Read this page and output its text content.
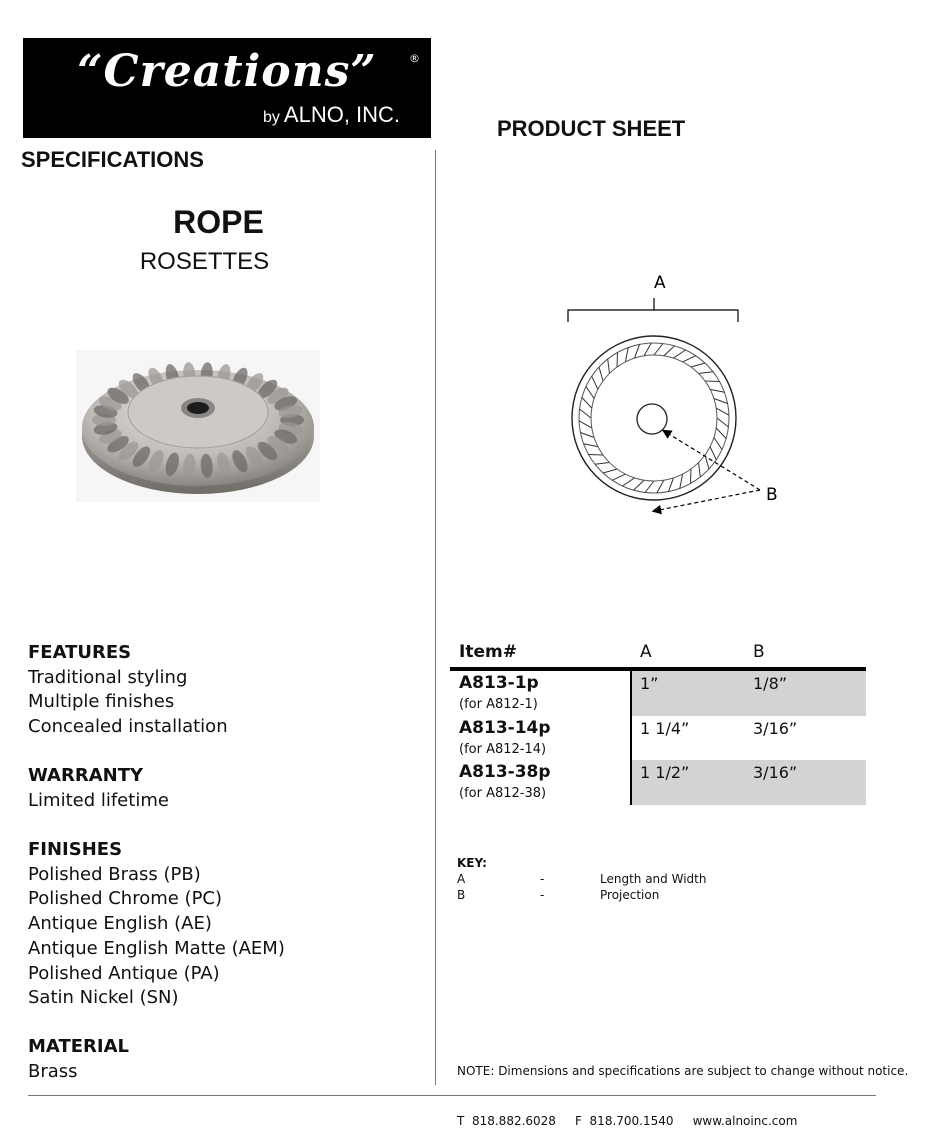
“Creations”	®
by ALNO, INC.
PRODUCT SHEET
SPECIFICATIONS
ROPE
ROSETTES
A
B
FEATURES
Traditional styling
Multiple finishes
Concealed installation
WARRANTY
Limited lifetime
FINISHES
Polished Brass (PB)
Polished Chrome (PC)
Antique English (AE)
Antique English Matte (AEM)
Polished Antique (PA)
Satin Nickel (SN)
MATERIAL
Brass
Item#	A	B
A813-1p
(for A812-1)
1”	1/8”
A813-14p
(for A812-14)
1 1/4”	3/16”
A813-38p
(for A812-38)
1 1/2”	3/16”
KEY:
A	-	Length and Width
B	-	Projection
NOTE: Dimensions and specifications are subject to change without notice.
T  818.882.6028 F  818.700.1540 www.alnoinc.com
